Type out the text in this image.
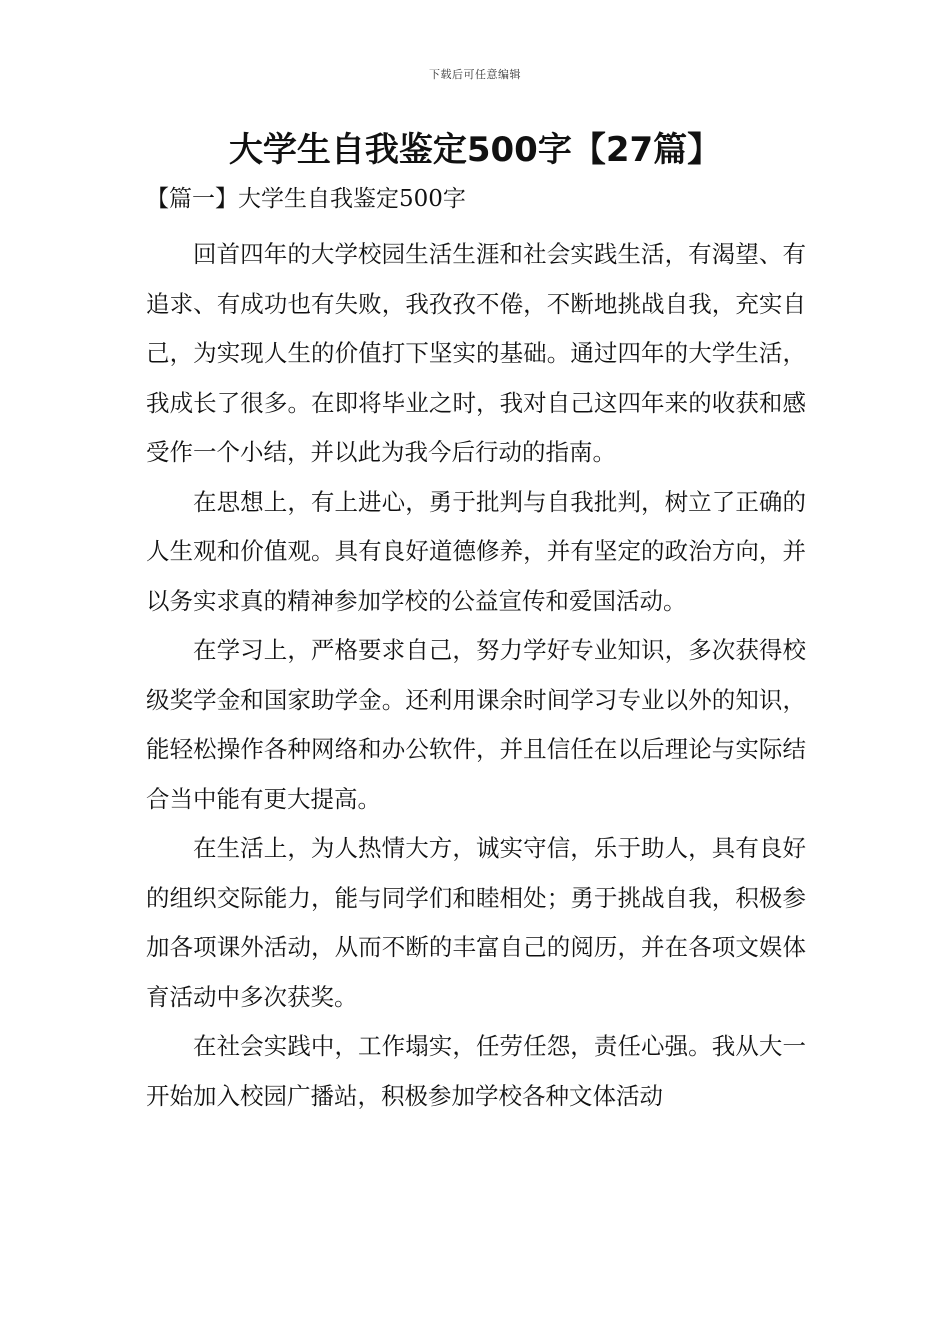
下载后可任意编辑
大学生自我鉴定500字【27篇】
【篇一】大学生自我鉴定500字

回首四年的大学校园生活生涯和社会实践生活，有渴望、有追求、有成功也有失败，我孜孜不倦，不断地挑战自我，充实自己，为实现人生的价值打下坚实的基础。通过四年的大学生活，我成长了很多。在即将毕业之时，我对自己这四年来的收获和感受作一个小结，并以此为我今后行动的指南。

在思想上，有上进心，勇于批判与自我批判，树立了正确的人生观和价值观。具有良好道德修养，并有坚定的政治方向，并以务实求真的精神参加学校的公益宣传和爱国活动。

在学习上，严格要求自己，努力学好专业知识，多次获得校级奖学金和国家助学金。还利用课余时间学习专业以外的知识，能轻松操作各种网络和办公软件，并且信任在以后理论与实际结合当中能有更大提高。

在生活上，为人热情大方，诚实守信，乐于助人，具有良好的组织交际能力，能与同学们和睦相处；勇于挑战自我，积极参加各项课外活动，从而不断的丰富自己的阅历，并在各项文娱体育活动中多次获奖。

在社会实践中，工作塌实，任劳任怨，责任心强。我从大一开始加入校园广播站，积极参加学校各种文体活动
